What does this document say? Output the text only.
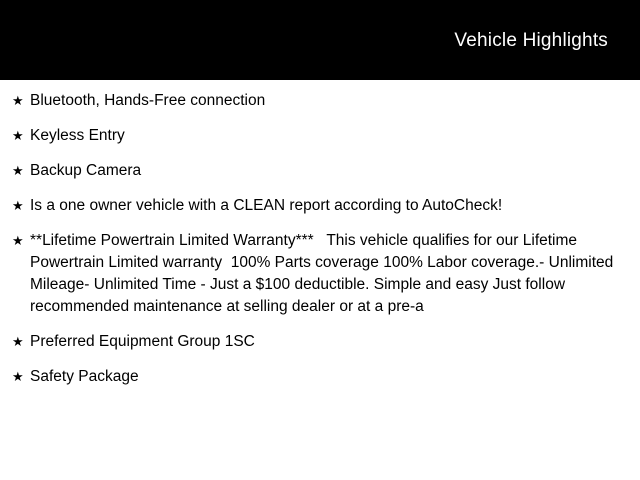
Vehicle Highlights
★ Bluetooth, Hands-Free connection
★ Keyless Entry
★ Backup Camera
★ Is a one owner vehicle with a CLEAN report according to AutoCheck!
★ **Lifetime Powertrain Limited Warranty***   This vehicle qualifies for our Lifetime Powertrain Limited warranty  100% Parts coverage 100% Labor coverage.- Unlimited Mileage- Unlimited Time - Just a $100 deductible. Simple and easy Just follow recommended maintenance at selling dealer or at a pre-a
★ Preferred Equipment Group 1SC
★ Safety Package
